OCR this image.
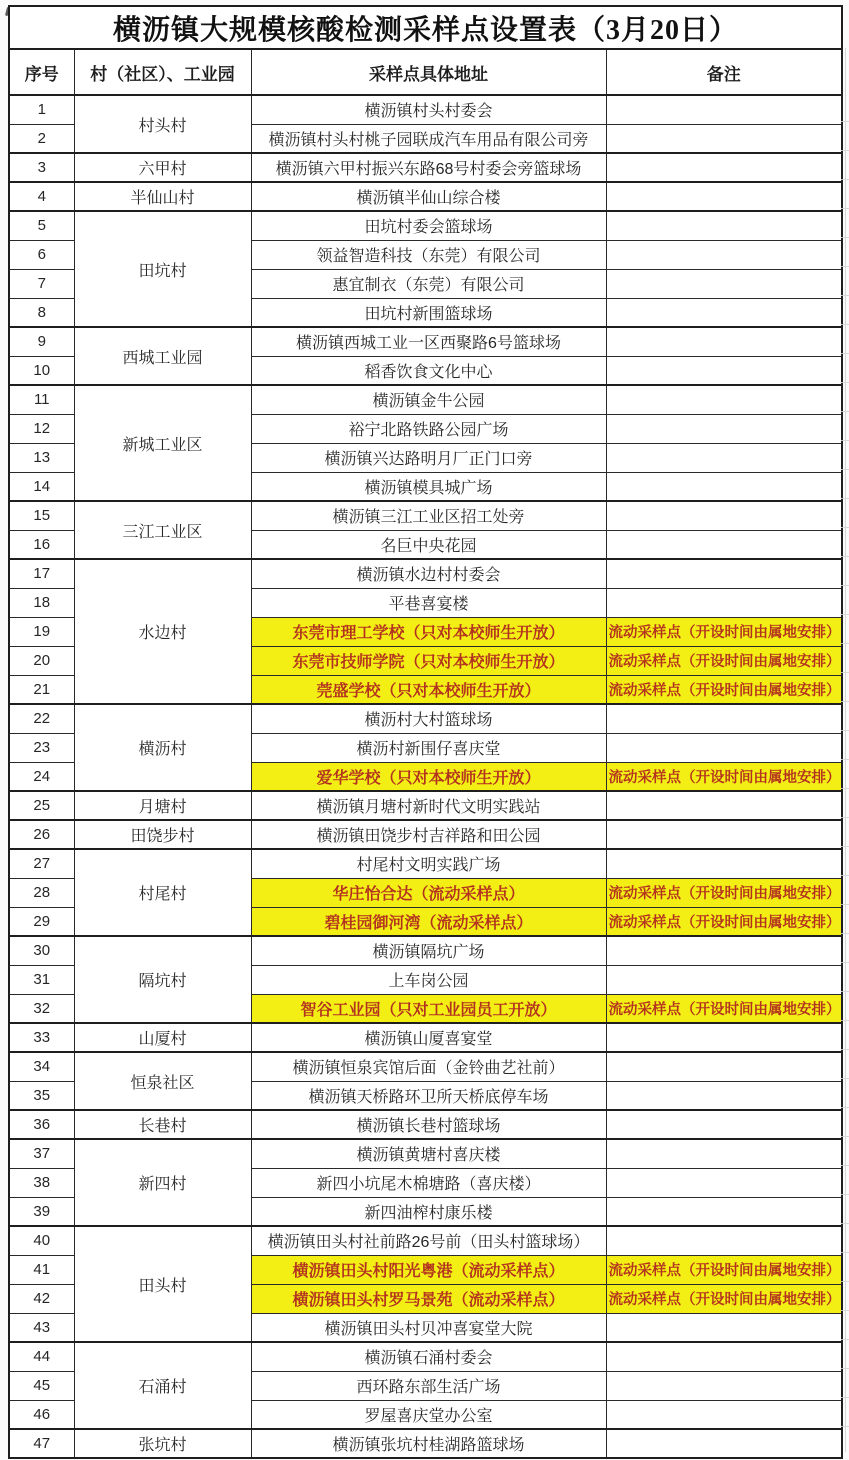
横沥镇大规模核酸检测采样点设置表（3月20日）			
序号	村（社区）、工业园	采样点具体地址	备注
1	村头村	横沥镇村头村委会	
2		横沥镇村头村桃子园联成汽车用品有限公司旁	
3	六甲村	横沥镇六甲村振兴东路68号村委会旁篮球场	
4	半仙山村	横沥镇半仙山综合楼	
5	田坑村	田坑村委会篮球场	
6		领益智造科技（东莞）有限公司	
7		惠宜制衣（东莞）有限公司	
8		田坑村新围篮球场	
9	西城工业园	横沥镇西城工业一区西聚路6号篮球场	
10		稻香饮食文化中心	
11	新城工业区	横沥镇金牛公园	
12		裕宁北路铁路公园广场	
13		横沥镇兴达路明月厂正门口旁	
14		横沥镇模具城广场	
15	三江工业区	横沥镇三江工业区招工处旁	
16		名巨中央花园	
17	水边村	横沥镇水边村村委会	
18		平巷喜宴楼	
19		东莞市理工学校（只对本校师生开放）	流动采样点（开设时间由属地安排）
20		东莞市技师学院（只对本校师生开放）	流动采样点（开设时间由属地安排）
21		莞盛学校（只对本校师生开放）	流动采样点（开设时间由属地安排）
22	横沥村	横沥村大村篮球场	
23		横沥村新围仔喜庆堂	
24		爱华学校（只对本校师生开放）	流动采样点（开设时间由属地安排）
25	月塘村	横沥镇月塘村新时代文明实践站	
26	田饶步村	横沥镇田饶步村吉祥路和田公园	
27	村尾村	村尾村文明实践广场	
28		华庄怡合达（流动采样点）	流动采样点（开设时间由属地安排）
29		碧桂园御河湾（流动采样点）	流动采样点（开设时间由属地安排）
30	隔坑村	横沥镇隔坑广场	
31		上车岗公园	
32		智谷工业园（只对工业园员工开放）	流动采样点（开设时间由属地安排）
33	山厦村	横沥镇山厦喜宴堂	
34	恒泉社区	横沥镇恒泉宾馆后面（金铃曲艺社前）	
35		横沥镇天桥路环卫所天桥底停车场	
36	长巷村	横沥镇长巷村篮球场	
37	新四村	横沥镇黄塘村喜庆楼	
38		新四小坑尾木棉塘路（喜庆楼）	
39		新四油榨村康乐楼	
40	田头村	横沥镇田头村社前路26号前（田头村篮球场）	
41		横沥镇田头村阳光粤港（流动采样点）	流动采样点（开设时间由属地安排）
42		横沥镇田头村罗马景苑（流动采样点）	流动采样点（开设时间由属地安排）
43		横沥镇田头村贝冲喜宴堂大院	
44	石涌村	横沥镇石涌村委会	
45		西环路东部生活广场	
46		罗屋喜庆堂办公室	
47	张坑村	横沥镇张坑村桂湖路篮球场	
